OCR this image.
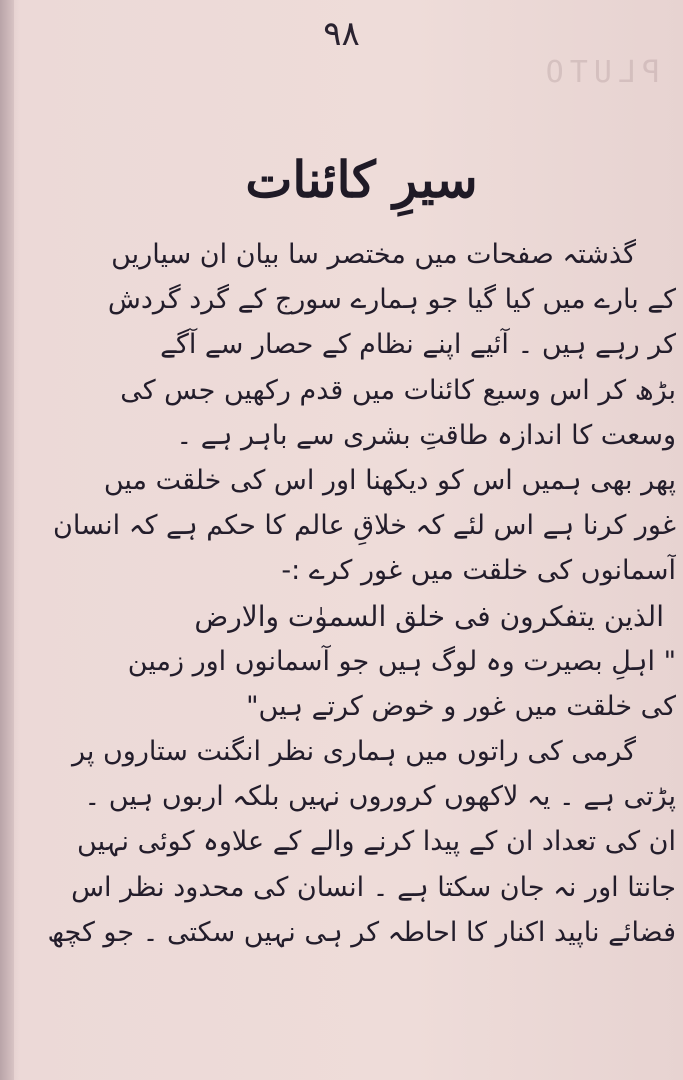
PLUTO
٩٨
سیرِ کائنات
گذشتہ صفحات میں مختصر سا بیان ان سیاریں
کے بارے میں کیا گیا جو ہمارے سورج کے گرد گردش
کر رہے ہیں ۔ آئیے اپنے نظام کے حصار سے آگے
بڑھ کر اس وسیع کائنات میں قدم رکھیں جس کی
وسعت کا اندازہ طاقتِ بشری سے باہر ہے ۔
پھر بھی ہمیں اس کو دیکھنا اور اس کی خلقت میں
غور کرنا ہے اس لئے کہ خلاقِ عالم کا حکم ہے کہ انسان
آسمانوں کی خلقت میں غور کرے :-
الذین یتفکرون فی خلق السموٰت والارض
" اہلِ بصیرت وہ لوگ ہیں جو آسمانوں اور زمین
کی خلقت میں غور و خوض کرتے ہیں"
گرمی کی راتوں میں ہماری نظر انگنت ستاروں پر
پڑتی ہے ۔ یہ لاکھوں کروروں نہیں بلکہ اربوں ہیں ۔
ان کی تعداد ان کے پیدا کرنے والے کے علاوہ کوئی نہیں
جانتا اور نہ جان سکتا ہے ۔ انسان کی محدود نظر اس
فضائے ناپید اکنار کا احاطہ کر ہی نہیں سکتی ۔ جو کچھ
